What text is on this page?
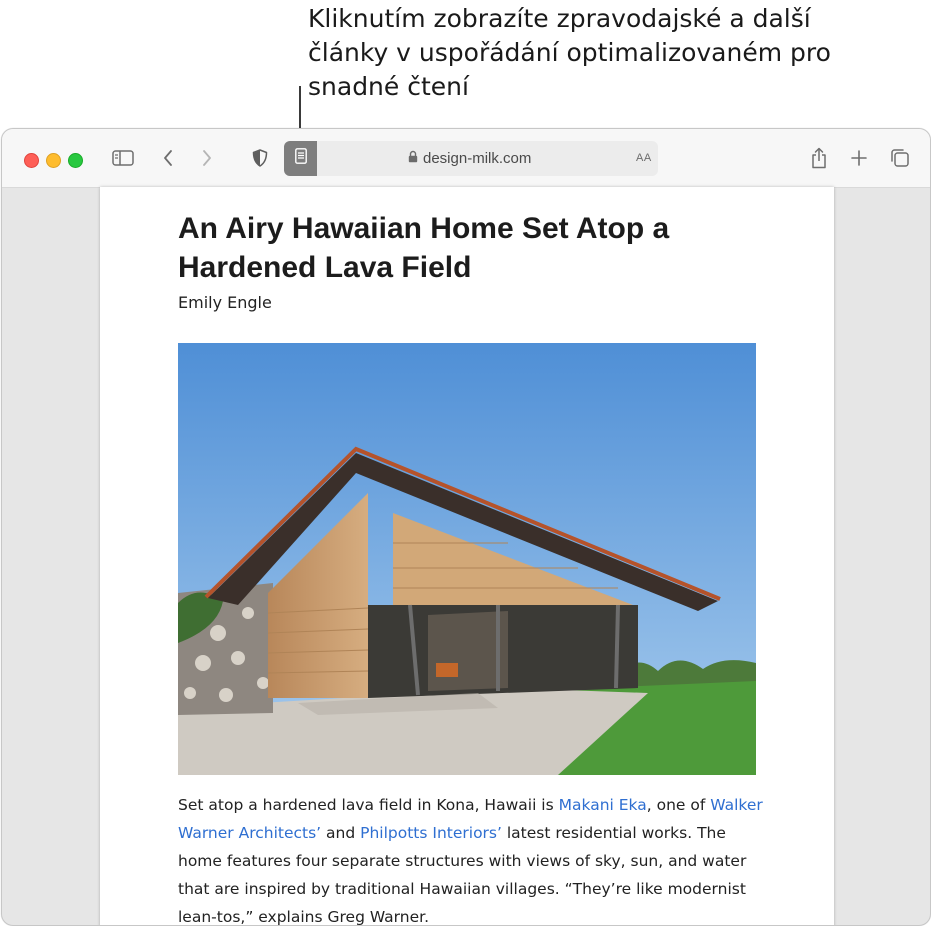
Kliknutím zobrazíte zpravodajské a další
články v uspořádání optimalizovaném pro
snadné čtení

design-milk.com	AA
An Airy Hawaiian Home Set Atop a
Hardened Lava Field

Emily Engle

Set atop a hardened lava field in Kona, Hawaii is Makani Eka, one of Walker Warner Architects’ and Philpotts Interiors’ latest residential works. The home features four separate structures with views of sky, sun, and water that are inspired by traditional Hawaiian villages. “They’re like modernist lean-tos,” explains Greg Warner.
